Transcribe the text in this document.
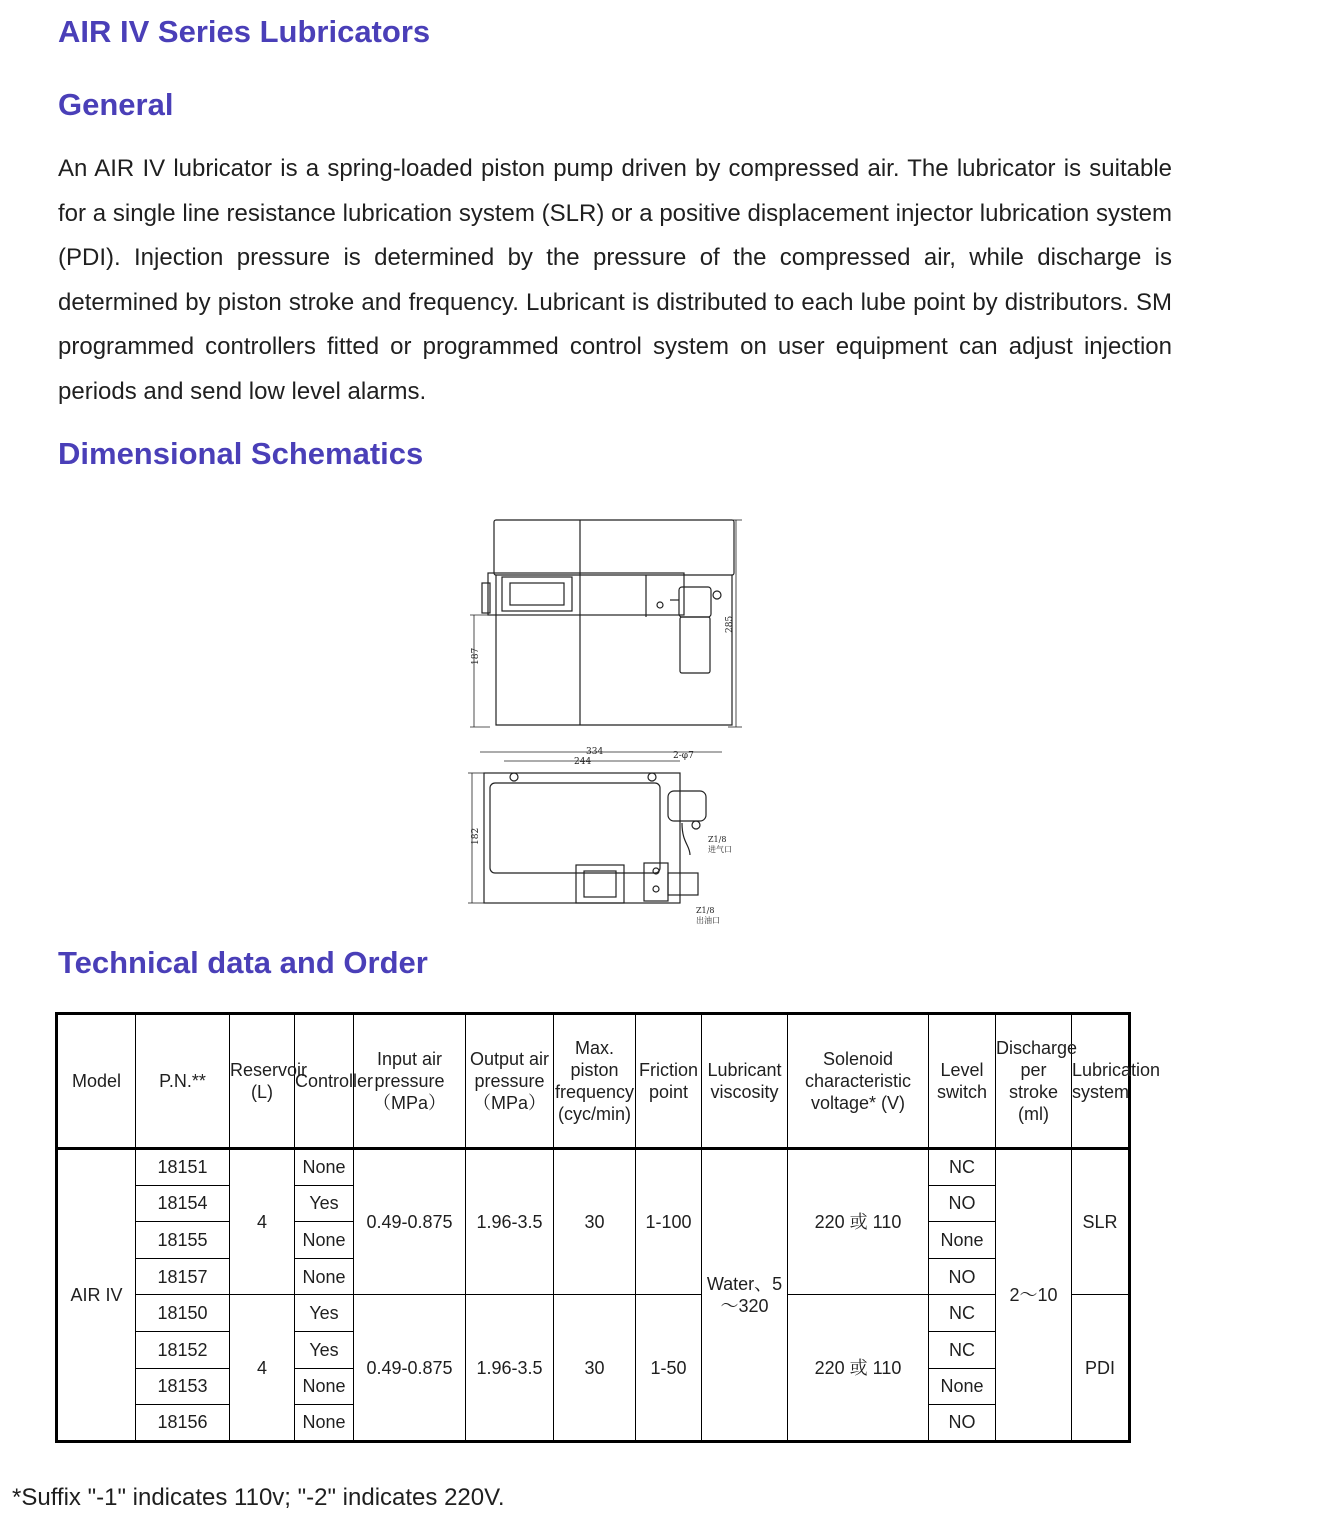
AIR IV Series Lubricators
General

An AIR IV lubricator is a spring-loaded piston pump driven by compressed air. The lubricator is suitable for a single line resistance lubrication system (SLR) or a positive displacement injector lubrication system (PDI). Injection pressure is determined by the pressure of the compressed air, while discharge is determined by piston stroke and frequency. Lubricant is distributed to each lube point by distributors. SM programmed controllers fitted or programmed control system on user equipment can adjust injection periods and send low level alarms.

Dimensional Schematics
187
285
334
244
2-φ7
182	Z1/8
进气口
Z1/8
出油口
Technical data and Order
Model	P.N.**	Reservoir (L)	Controller	Input air pressure（MPa）	Output air pressure（MPa）	Max. piston frequency (cyc/min)	Friction point	Lubricant viscosity	Solenoid characteristic voltage* (V)	Level switch	Discharge per stroke (ml)	Lubrication system
AIR IV	18151	4	None	0.49-0.875	1.96-3.5	30	1-100	Water、5～320	220 或 110	NC	2～10	SLR
	18154		Yes							NO		
	18155		None							None		
	18157		None							NO		
	18150	4	Yes	0.49-0.875	1.96-3.5	30	1-50		220 或 110	NC		PDI
	18152		Yes							NC		
	18153		None							None		
	18156		None							NO		

*Suffix "-1" indicates 110v; "-2" indicates 220V.
